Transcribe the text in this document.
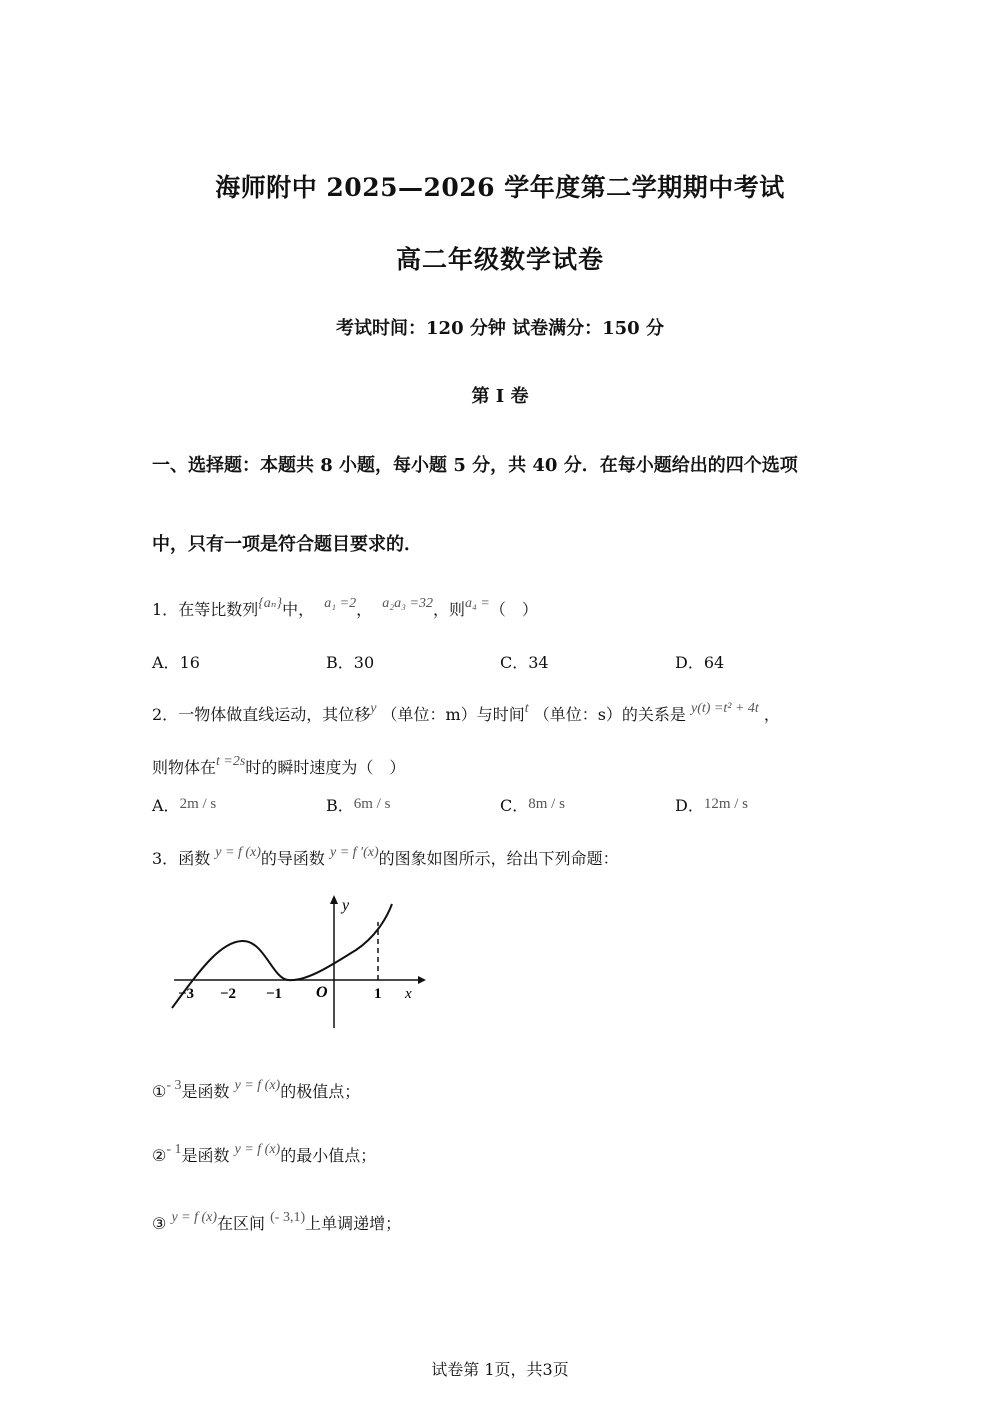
海师附中 2025—2026 学年度第二学期期中考试
高二年级数学试卷
考试时间：120 分钟 试卷满分：150 分
第 I 卷
一、选择题：本题共 8 小题，每小题 5 分，共 40 分．在每小题给出的四个选项
中，只有一项是符合题目要求的．
1．在等比数列{aₙ}中， a₁ =2， a₂a₃ =32，则a₄ =（　）
A．16	B．30	C．34	D．64
2．一物体做直线运动，其位移y （单位：m）与时间t （单位：s）的关系是 y(t) =t² + 4t ，
则物体在t =2s时的瞬时速度为（　）
A．2m / s	B．6m / s	C．8m / s	D．12m / s
3．函数 y = f (x)的导函数 y = f ′(x)的图象如图所示，给出下列命题：
y
x
O
−3 −2 −1	1
①- 3是函数 y = f (x)的极值点；
②- 1是函数 y = f (x)的最小值点；
③ y = f (x)在区间 (- 3,1)上单调递增；
试卷第 1页，共3页
